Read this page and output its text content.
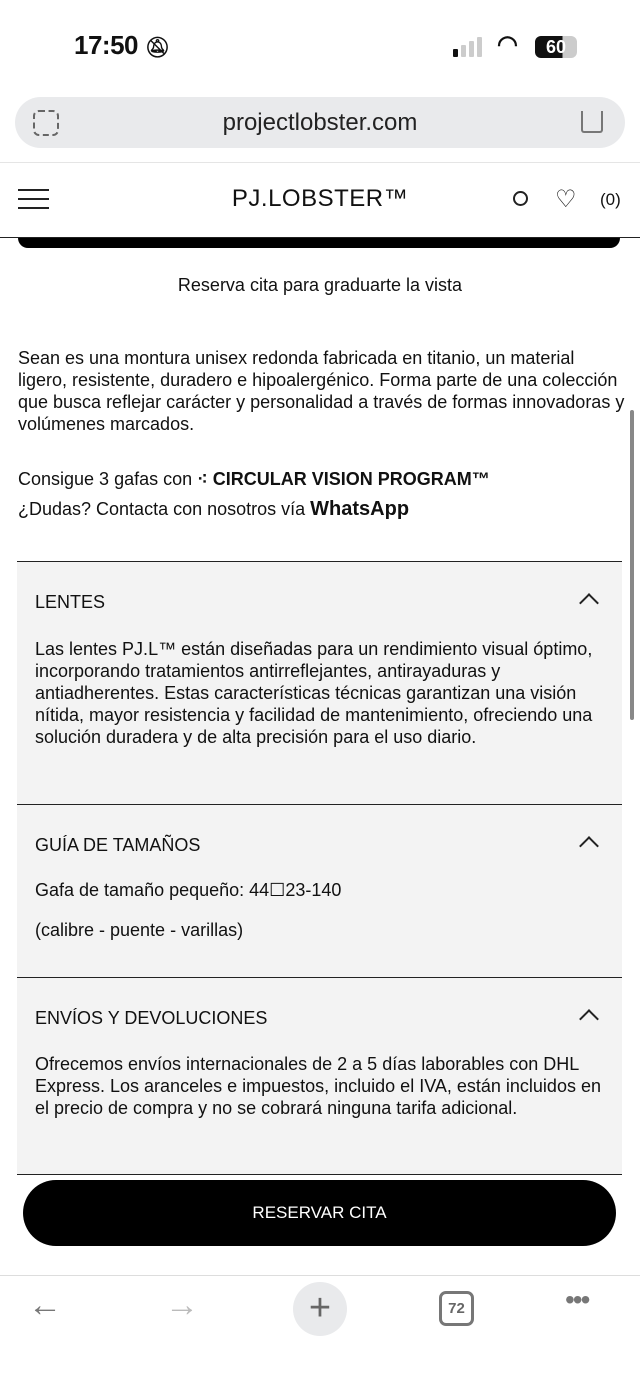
17:50 🔕︎	◠	60
projectlobster.com
PJ.LOBSTER™	♡ (0)
Reserva cita para graduarte la vista
Sean es una montura unisex redonda fabricada en titanio, un material ligero, resistente, duradero e hipoalergénico. Forma parte de una colección que busca reflejar carácter y personalidad a través de formas innovadoras y volúmenes marcados.
Consigue 3 gafas con ⁖ CIRCULAR VISION PROGRAM™
¿Dudas? Contacta con nosotros vía WhatsApp
LENTES
Las lentes PJ.L™ están diseñadas para un rendimiento visual óptimo, incorporando tratamientos antirreflejantes, antirayaduras y antiadherentes. Estas características técnicas garantizan una visión nítida, mayor resistencia y facilidad de mantenimiento, ofreciendo una solución duradera y de alta precisión para el uso diario.
GUÍA DE TAMAÑOS
Gafa de tamaño pequeño: 44☐23-140
(calibre - puente - varillas)
ENVÍOS Y DEVOLUCIONES
Ofrecemos envíos internacionales de 2 a 5 días laborables con DHL Express. Los aranceles e impuestos, incluido el IVA, están incluidos en el precio de compra y no se cobrará ninguna tarifa adicional.
RESERVAR CITA
←	→	+	72	•••
